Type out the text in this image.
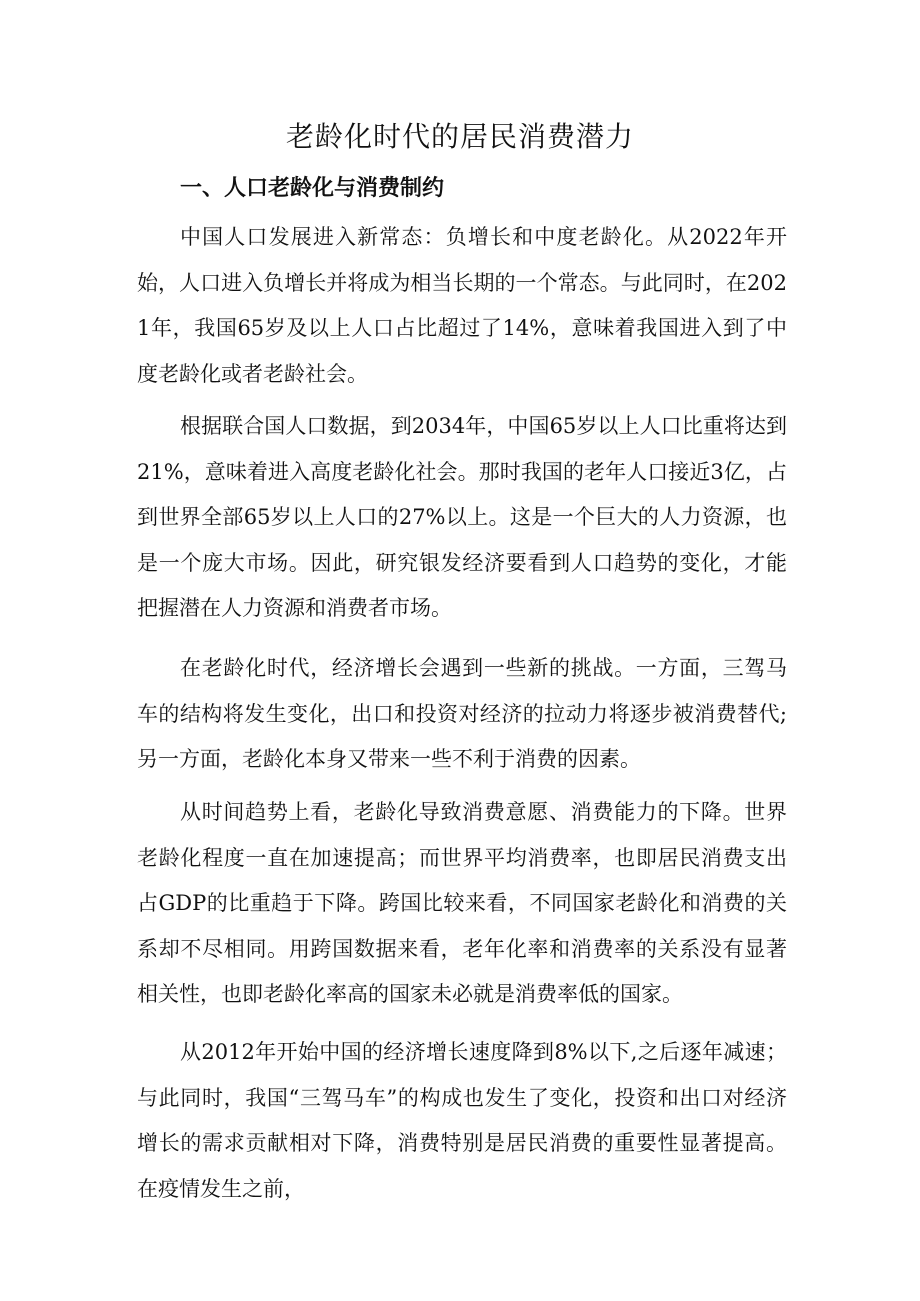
老龄化时代的居民消费潜力
一、人口老龄化与消费制约

中国人口发展进入新常态：负增长和中度老龄化。从2022年开始，人口进入负增长并将成为相当长期的一个常态。与此同时，在2021年，我国65岁及以上人口占比超过了14%，意味着我国进入到了中度老龄化或者老龄社会。

根据联合国人口数据，到2034年，中国65岁以上人口比重将达到21%，意味着进入高度老龄化社会。那时我国的老年人口接近3亿，占到世界全部65岁以上人口的27%以上。这是一个巨大的人力资源，也是一个庞大市场。因此，研究银发经济要看到人口趋势的变化，才能把握潜在人力资源和消费者市场。

在老龄化时代，经济增长会遇到一些新的挑战。一方面，三驾马车的结构将发生变化，出口和投资对经济的拉动力将逐步被消费替代;另一方面，老龄化本身又带来一些不利于消费的因素。

从时间趋势上看，老龄化导致消费意愿、消费能力的下降。世界老龄化程度一直在加速提高；而世界平均消费率，也即居民消费支出占GDP的比重趋于下降。跨国比较来看，不同国家老龄化和消费的关系却不尽相同。用跨国数据来看，老年化率和消费率的关系没有显著相关性，也即老龄化率高的国家未必就是消费率低的国家。

从2012年开始中国的经济增长速度降到8%以下,之后逐年减速；与此同时，我国“三驾马车”的构成也发生了变化，投资和出口对经济增长的需求贡献相对下降，消费特别是居民消费的重要性显著提高。在疫情发生之前，
